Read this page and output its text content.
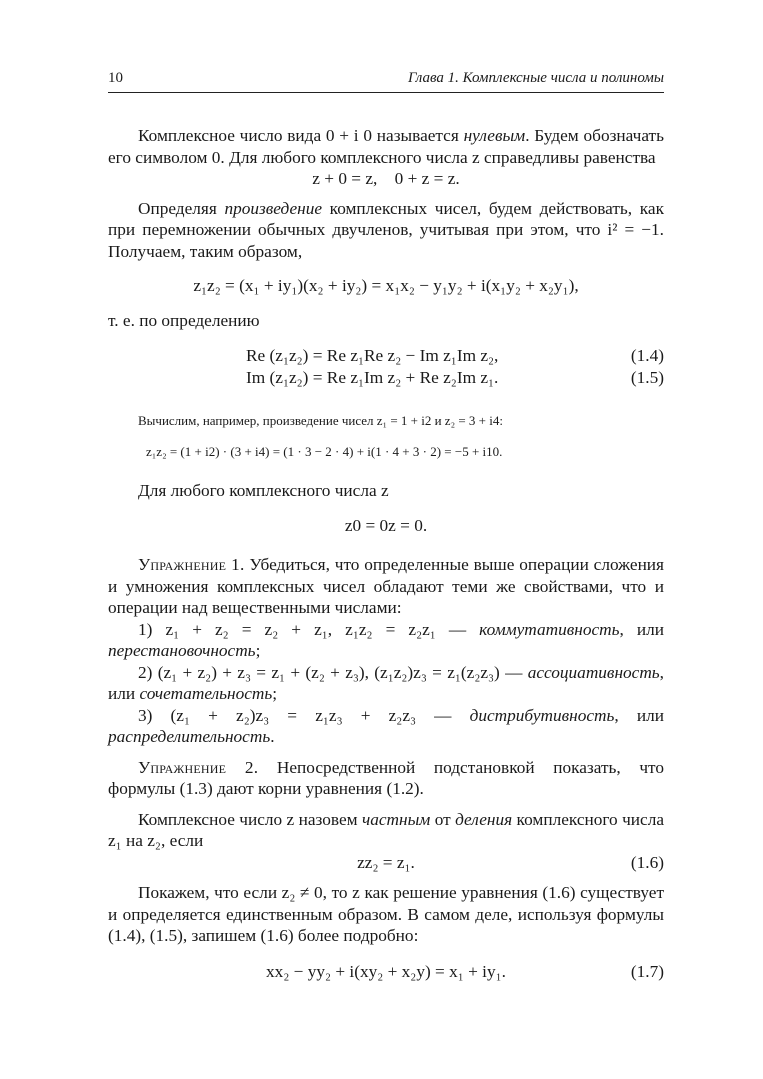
10	Глава 1. Комплексные числа и полиномы

Комплексное число вида 0 + i 0 называется нулевым. Будем обозначать его символом 0. Для любого комплексного числа z справедливы равенства

z + 0 = z,    0 + z = z.

Определяя произведение комплексных чисел, будем действовать, как при перемножении обычных двучленов, учитывая при этом, что i² = −1. Получаем, таким образом,

z₁z₂ = (x₁ + iy₁)(x₂ + iy₂) = x₁x₂ − y₁y₂ + i(x₁y₂ + x₂y₁),

т. е. по определению

Re (z₁z₂) = Re z₁Re z₂ − Im z₁Im z₂,	(1.4)
Im (z₁z₂) = Re z₁Im z₂ + Re z₂Im z₁.	(1.5)

Вычислим, например, произведение чисел z₁ = 1 + i2 и z₂ = 3 + i4:

z₁z₂ = (1 + i2) · (3 + i4) = (1 · 3 − 2 · 4) + i(1 · 4 + 3 · 2) = −5 + i10.

Для любого комплексного числа z

z0 = 0z = 0.

Упражнение 1. Убедиться, что определенные выше операции сложения и умножения комплексных чисел обладают теми же свойствами, что и операции над вещественными числами:

1) z₁ + z₂ = z₂ + z₁, z₁z₂ = z₂z₁ — коммутативность, или перестановочность;

2) (z₁ + z₂) + z₃ = z₁ + (z₂ + z₃), (z₁z₂)z₃ = z₁(z₂z₃) — ассоциативность, или сочетательность;

3) (z₁ + z₂)z₃ = z₁z₃ + z₂z₃ — дистрибутивность, или распределительность.

Упражнение 2. Непосредственной подстановкой показать, что формулы (1.3) дают корни уравнения (1.2).

Комплексное число z назовем частным от деления комплексного числа z₁ на z₂, если

zz₂ = z₁.	(1.6)

Покажем, что если z₂ ≠ 0, то z как решение уравнения (1.6) существует и определяется единственным образом. В самом деле, используя формулы (1.4), (1.5), запишем (1.6) более подробно:

xx₂ − yy₂ + i(xy₂ + x₂y) = x₁ + iy₁.	(1.7)
